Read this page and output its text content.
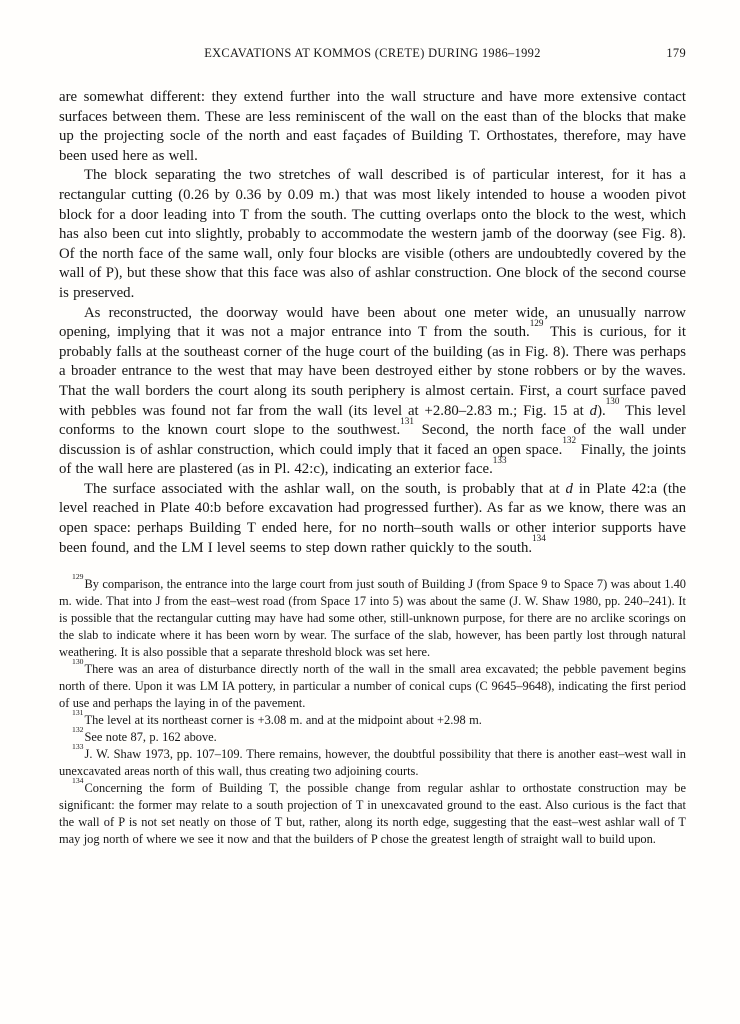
EXCAVATIONS AT KOMMOS (CRETE) DURING 1986–1992	179

are somewhat different: they extend further into the wall structure and have more extensive contact surfaces between them. These are less reminiscent of the wall on the east than of the blocks that make up the projecting socle of the north and east façades of Building T. Orthostates, therefore, may have been used here as well.

The block separating the two stretches of wall described is of particular interest, for it has a rectangular cutting (0.26 by 0.36 by 0.09 m.) that was most likely intended to house a wooden pivot block for a door leading into T from the south. The cutting overlaps onto the block to the west, which has also been cut into slightly, probably to accommodate the western jamb of the doorway (see Fig. 8). Of the north face of the same wall, only four blocks are visible (others are undoubtedly covered by the wall of P), but these show that this face was also of ashlar construction. One block of the second course is preserved.

As reconstructed, the doorway would have been about one meter wide, an unusually narrow opening, implying that it was not a major entrance into T from the south.$^{129}$ This is curious, for it probably falls at the southeast corner of the huge court of the building (as in Fig. 8). There was perhaps a broader entrance to the west that may have been destroyed either by stone robbers or by the waves. That the wall borders the court along its south periphery is almost certain. First, a court surface paved with pebbles was found not far from the wall (its level at +2.80–2.83 m.; Fig. 15 at d).$^{130}$ This level conforms to the known court slope to the southwest.$^{131}$ Second, the north face of the wall under discussion is of ashlar construction, which could imply that it faced an open space.$^{132}$ Finally, the joints of the wall here are plastered (as in Pl. 42:c), indicating an exterior face.$^{133}$

The surface associated with the ashlar wall, on the south, is probably that at d in Plate 42:a (the level reached in Plate 40:b before excavation had progressed further). As far as we know, there was an open space: perhaps Building T ended here, for no north–south walls or other interior supports have been found, and the LM I level seems to step down rather quickly to the south.$^{134}$

$^{129}$By comparison, the entrance into the large court from just south of Building J (from Space 9 to Space 7) was about 1.40 m. wide. That into J from the east–west road (from Space 17 into 5) was about the same (J. W. Shaw 1980, pp. 240–241). It is possible that the rectangular cutting may have had some other, still-unknown purpose, for there are no arclike scorings on the slab to indicate where it has been worn by wear. The surface of the slab, however, has been partly lost through natural weathering. It is also possible that a separate threshold block was set here.

$^{130}$There was an area of disturbance directly north of the wall in the small area excavated; the pebble pavement begins north of there. Upon it was LM IA pottery, in particular a number of conical cups (C 9645–9648), indicating the first period of use and perhaps the laying in of the pavement.

$^{131}$The level at its northeast corner is +3.08 m. and at the midpoint about +2.98 m.

$^{132}$See note 87, p. 162 above.

$^{133}$J. W. Shaw 1973, pp. 107–109. There remains, however, the doubtful possibility that there is another east–west wall in unexcavated areas north of this wall, thus creating two adjoining courts.

$^{134}$Concerning the form of Building T, the possible change from regular ashlar to orthostate construction may be significant: the former may relate to a south projection of T in unexcavated ground to the east. Also curious is the fact that the wall of P is not set neatly on those of T but, rather, along its north edge, suggesting that the east–west ashlar wall of T may jog north of where we see it now and that the builders of P chose the greatest length of straight wall to build upon.
